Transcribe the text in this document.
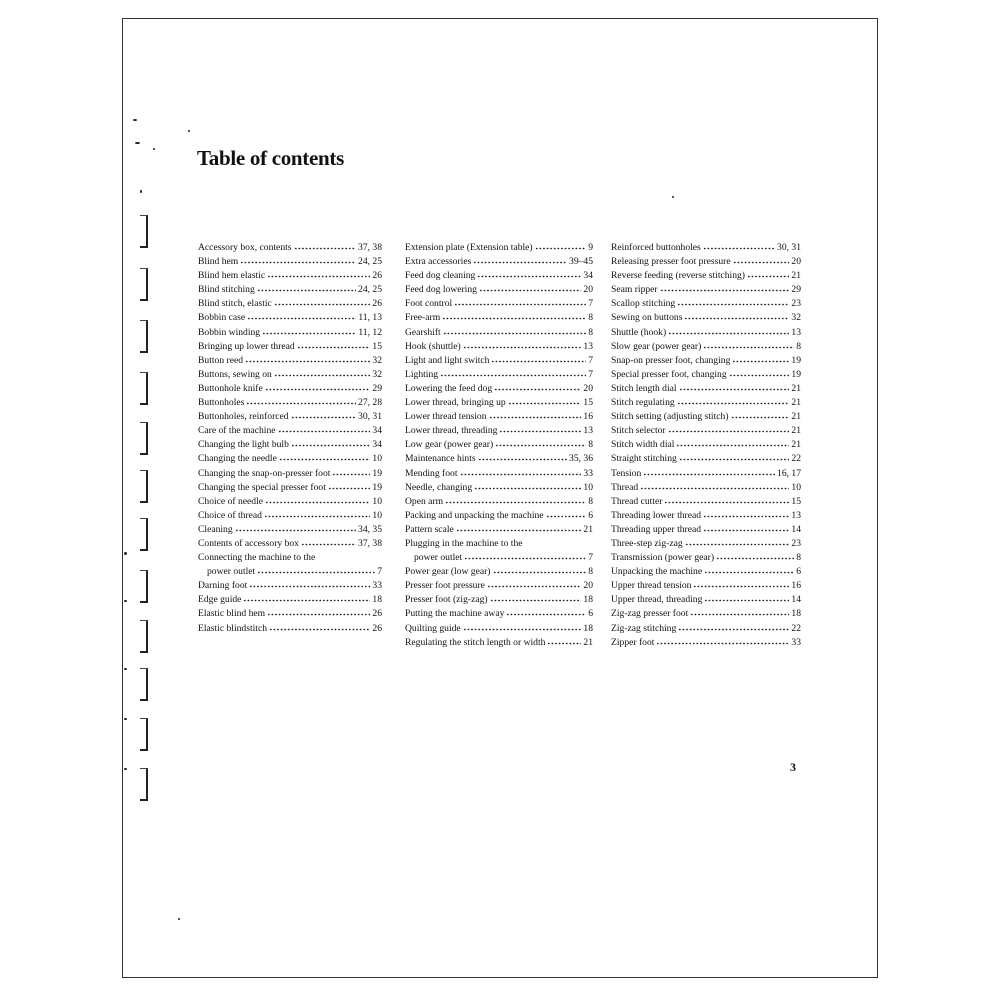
Table of contents
Accessory box, contents	37, 38
Blind hem	24, 25
Blind hem elastic	26
Blind stitching	24, 25
Blind stitch, elastic	26
Bobbin case	11, 13
Bobbin winding	11, 12
Bringing up lower thread	15
Button reed	32
Buttons, sewing on	32
Buttonhole knife	29
Buttonholes	27, 28
Buttonholes, reinforced	30, 31
Care of the machine	34
Changing the light bulb	34
Changing the needle	10
Changing the snap-on-presser foot	19
Changing the special presser foot	19
Choice of needle	10
Choice of thread	10
Cleaning	34, 35
Contents of accessory box	37, 38
Connecting the machine to the
power outlet	7
Darning foot	33
Edge guide	18
Elastic blind hem	26
Elastic blindstitch	26
Extension plate (Extension table)	9
Extra accessories	39–45
Feed dog cleaning	34
Feed dog lowering	20
Foot control	7
Free-arm	8
Gearshift	8
Hook (shuttle)	13
Light and light switch	7
Lighting	7
Lowering the feed dog	20
Lower thread, bringing up	15
Lower thread tension	16
Lower thread, threading	13
Low gear (power gear)	8
Maintenance hints	35, 36
Mending foot	33
Needle, changing	10
Open arm	8
Packing and unpacking the machine	6
Pattern scale	21
Plugging in the machine to the
power outlet	7
Power gear (low gear)	8
Presser foot pressure	20
Presser foot (zig-zag)	18
Putting the machine away	6
Quilting guide	18
Regulating the stitch length or width	21
Reinforced buttonholes	30, 31
Releasing presser foot pressure	20
Reverse feeding (reverse stitching)	21
Seam ripper	29
Scallop stitching	23
Sewing on buttons	32
Shuttle (hook)	13
Slow gear (power gear)	8
Snap-on presser foot, changing	19
Special presser foot, changing	19
Stitch length dial	21
Stitch regulating	21
Stitch setting (adjusting stitch)	21
Stitch selector	21
Stitch width dial	21
Straight stitching	22
Tension	16, 17
Thread	10
Thread cutter	15
Threading lower thread	13
Threading upper thread	14
Three-step zig-zag	23
Transmission (power gear)	8
Unpacking the machine	6
Upper thread tension	16
Upper thread, threading	14
Zig-zag presser foot	18
Zig-zag stitching	22
Zipper foot	33
3
